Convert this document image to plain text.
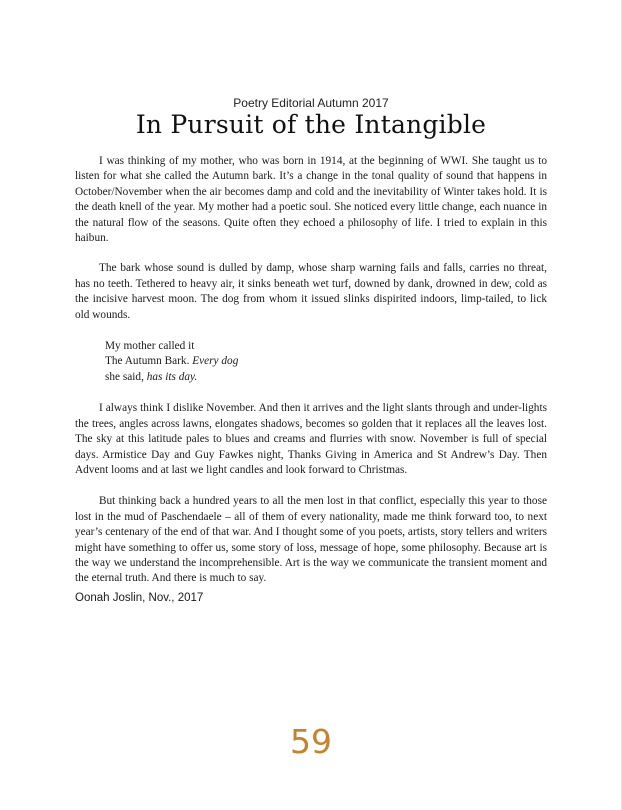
Poetry Editorial Autumn 2017
In Pursuit of the Intangible

I was thinking of my mother, who was born in 1914, at the beginning of WWI. She taught us to listen for what she called the Autumn bark. It’s a change in the tonal quality of sound that happens in October/November when the air becomes damp and cold and the inevitability of Winter takes hold. It is the death knell of the year. My mother had a poetic soul. She noticed every little change, each nuance in the natural flow of the seasons. Quite often they echoed a philosophy of life. I tried to explain in this haibun.

The bark whose sound is dulled by damp, whose sharp warning fails and falls, carries no threat, has no teeth. Tethered to heavy air, it sinks beneath wet turf, downed by dank, drowned in dew, cold as the incisive harvest moon. The dog from whom it issued slinks dispirited indoors, limp-tailed, to lick old wounds.

My mother called it
The Autumn Bark. Every dog
she said, has its day.

I always think I dislike November. And then it arrives and the light slants through and under-lights the trees, angles across lawns, elongates shadows, becomes so golden that it replaces all the leaves lost. The sky at this latitude pales to blues and creams and flurries with snow. November is full of special days. Armistice Day and Guy Fawkes night, Thanks Giving in America and St Andrew’s Day. Then Advent looms and at last we light candles and look forward to Christmas.

But thinking back a hundred years to all the men lost in that conflict, especially this year to those lost in the mud of Paschendaele – all of them of every nationality, made me think forward too, to next year’s centenary of the end of that war. And I thought some of you poets, artists, story tellers and writers might have something to offer us, some story of loss, message of hope, some philosophy. Because art is the way we understand the incomprehensible. Art is the way we communicate the transient moment and the eternal truth. And there is much to say.

Oonah Joslin, Nov., 2017
59
